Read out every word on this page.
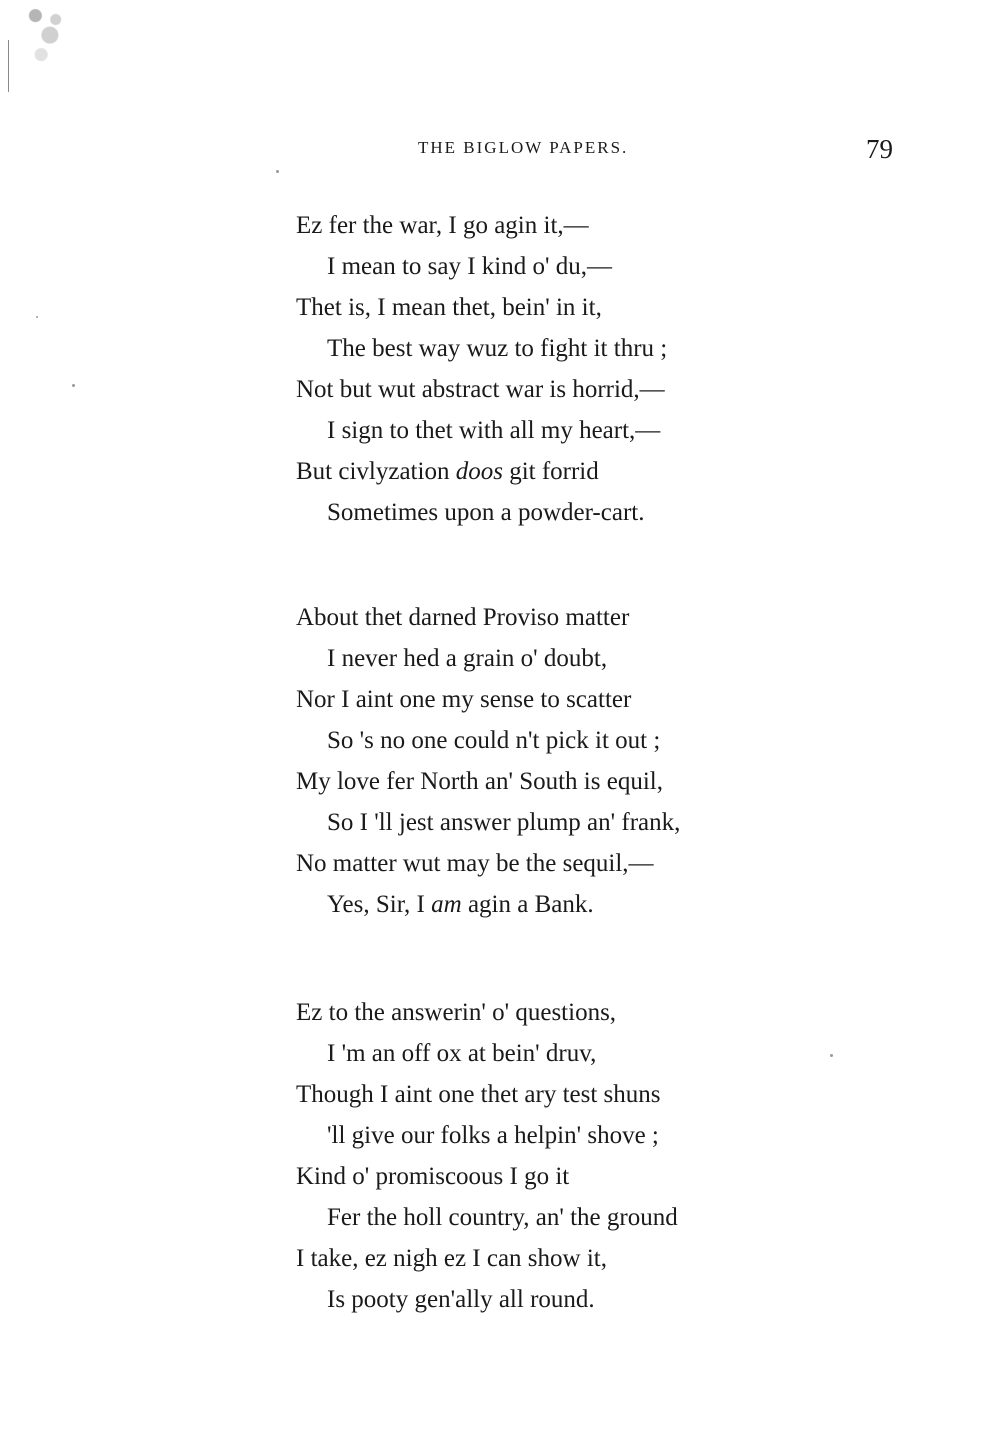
THE BIGLOW PAPERS.	79
Ez fer the war, I go agin it,—
I mean to say I kind o' du,—
Thet is, I mean thet, bein' in it,
The best way wuz to fight it thru ;
Not but wut abstract war is horrid,—
I sign to thet with all my heart,—
But civlyzation doos git forrid
Sometimes upon a powder-cart.
About thet darned Proviso matter
I never hed a grain o' doubt,
Nor I aint one my sense to scatter
So 's no one could n't pick it out ;
My love fer North an' South is equil,
So I 'll jest answer plump an' frank,
No matter wut may be the sequil,—
Yes, Sir, I am agin a Bank.
Ez to the answerin' o' questions,
I 'm an off ox at bein' druv,
Though I aint one thet ary test shuns
'll give our folks a helpin' shove ;
Kind o' promiscoous I go it
Fer the holl country, an' the ground
I take, ez nigh ez I can show it,
Is pooty gen'ally all round.
